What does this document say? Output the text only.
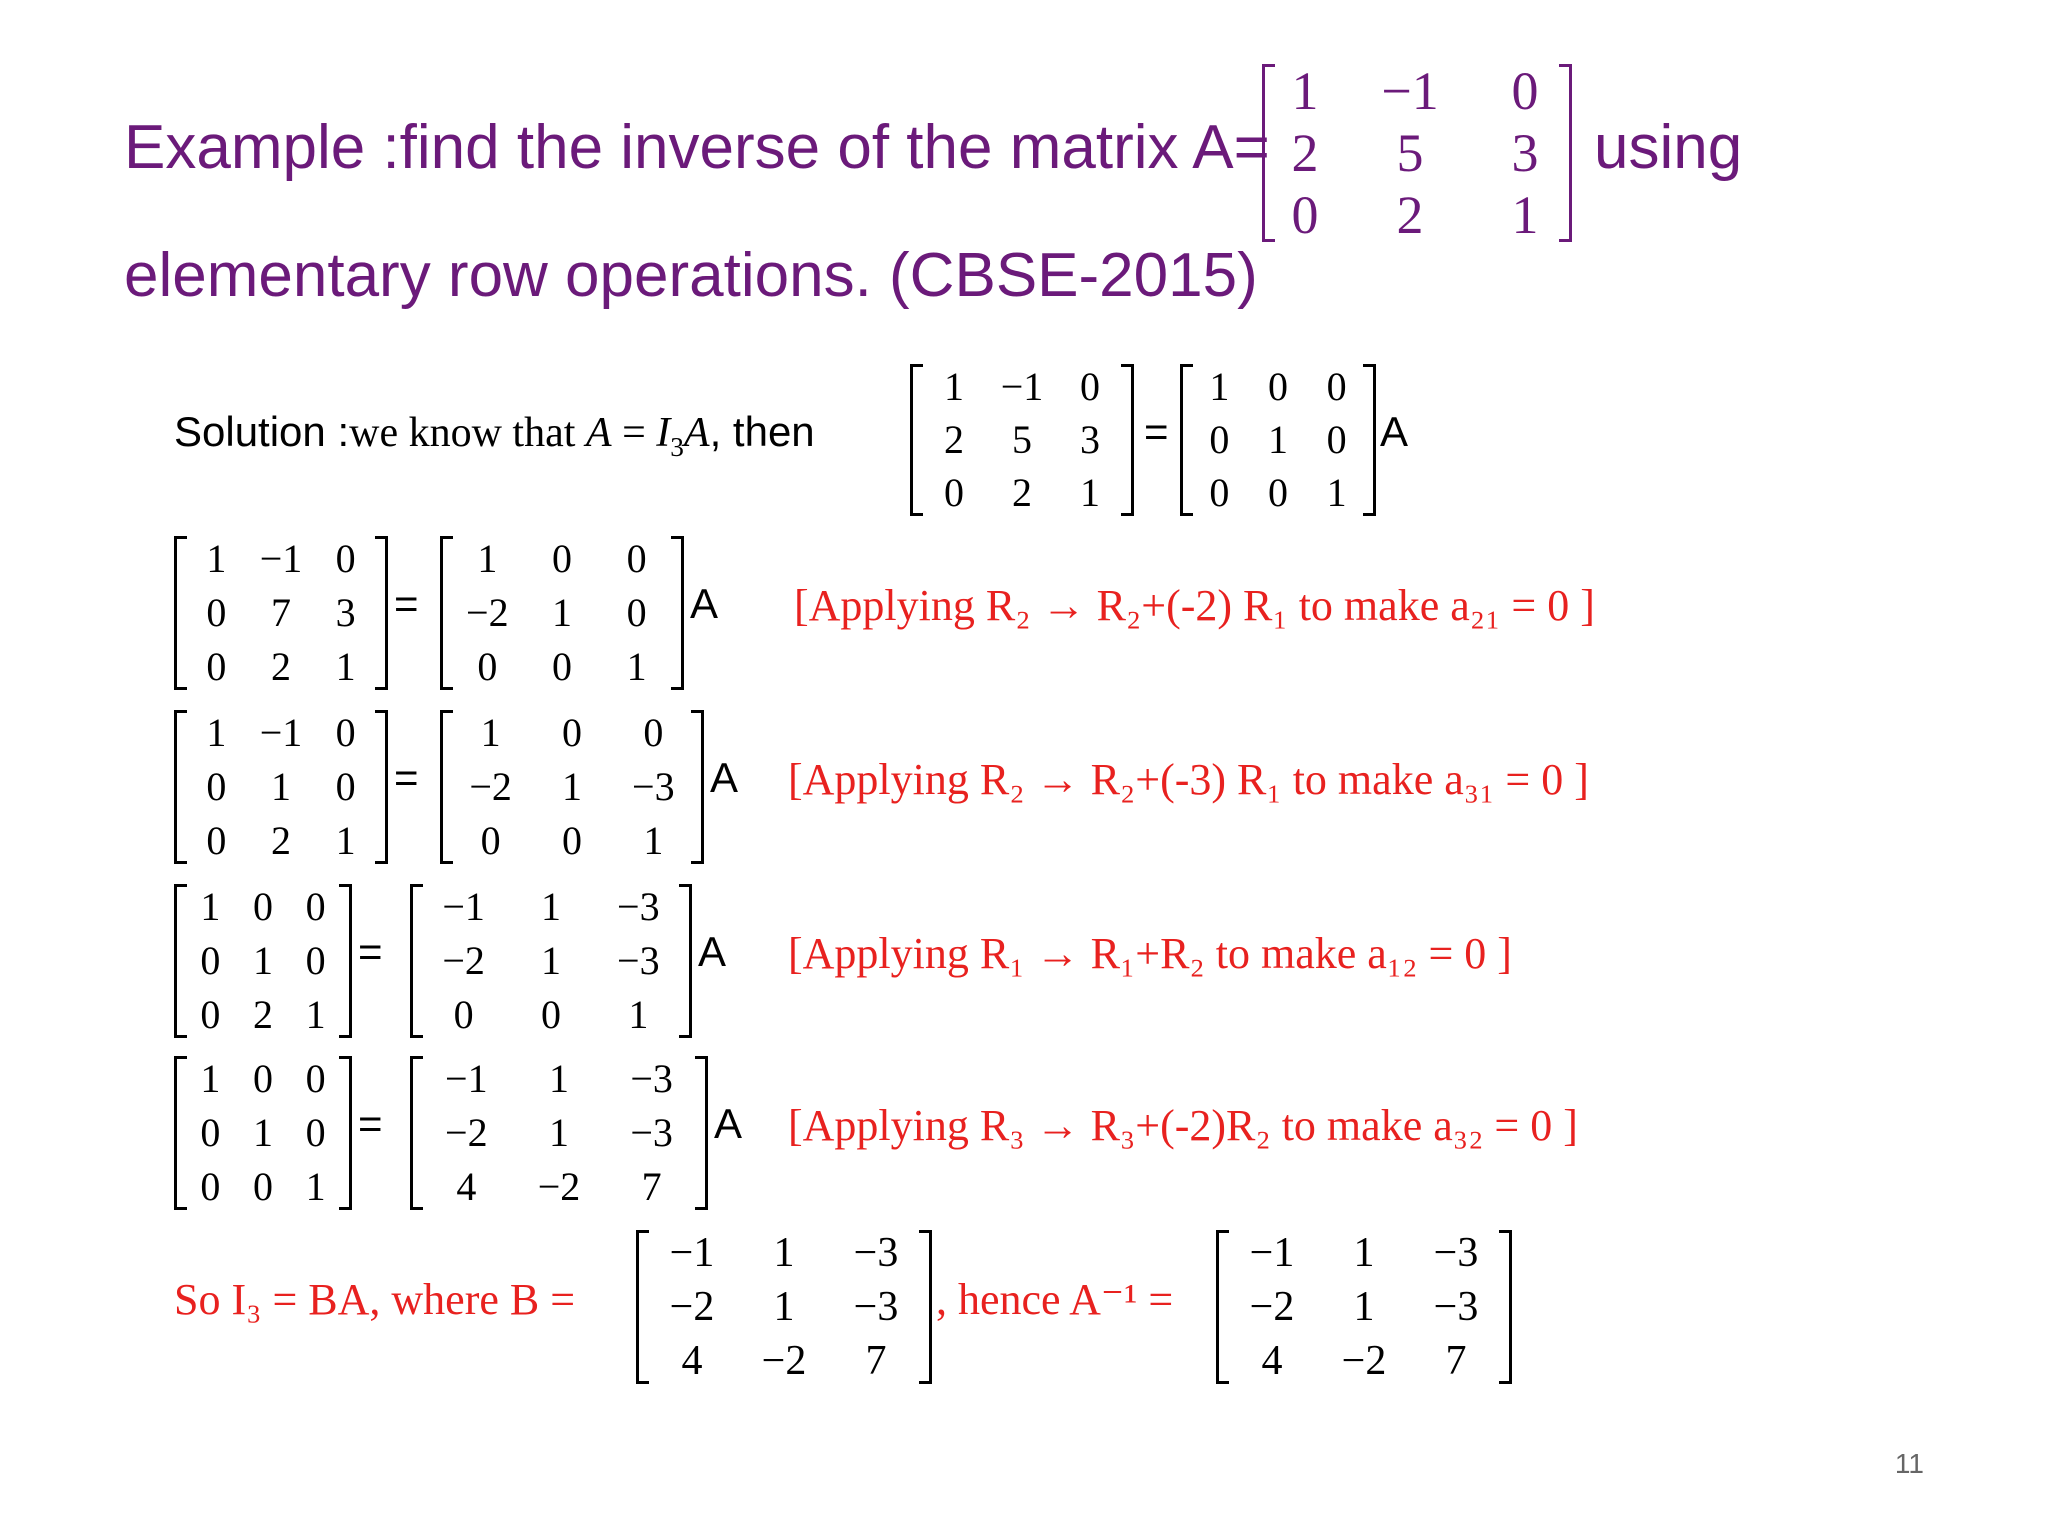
Example :find the inverse of the matrix A=
1 −1 0
2 5 3
0 2 1
using
elementary row operations. (CBSE-2015)
Solution :we know that $A = I_3A$, then
1 −1 0
2 5 3
0 2 1
=
1 0 0
0 1 0
0 0 1
A
1 −1 0
0 7 3
0 2 1
=
1 0 0
−2 1 0
0 0 1
A [Applying R₂ → R₂+(-2) R₁ to make a₂₁ = 0 ]
1 −1 0
0 1 0
0 2 1
=
1 0 0
−2 1 −3
0 0 1
A [Applying R₂ → R₂+(-3) R₁ to make a₃₁ = 0 ]
1 0 0
0 1 0
0 2 1
=
−1 1 −3
−2 1 −3
0 0 1
A [Applying R₁ → R₁+R₂ to make a₁₂ = 0 ]
1 0 0
0 1 0
0 0 1
=
−1 1 −3
−2 1 −3
4 −2 7
A [Applying R₃ → R₃+(-2)R₂ to make a₃₂ = 0 ]
So I₃ = BA, where B =
−1 1 −3
−2 1 −3
4 −2 7
, hence A⁻¹ =
−1 1 −3
−2 1 −3
4 −2 7
11
